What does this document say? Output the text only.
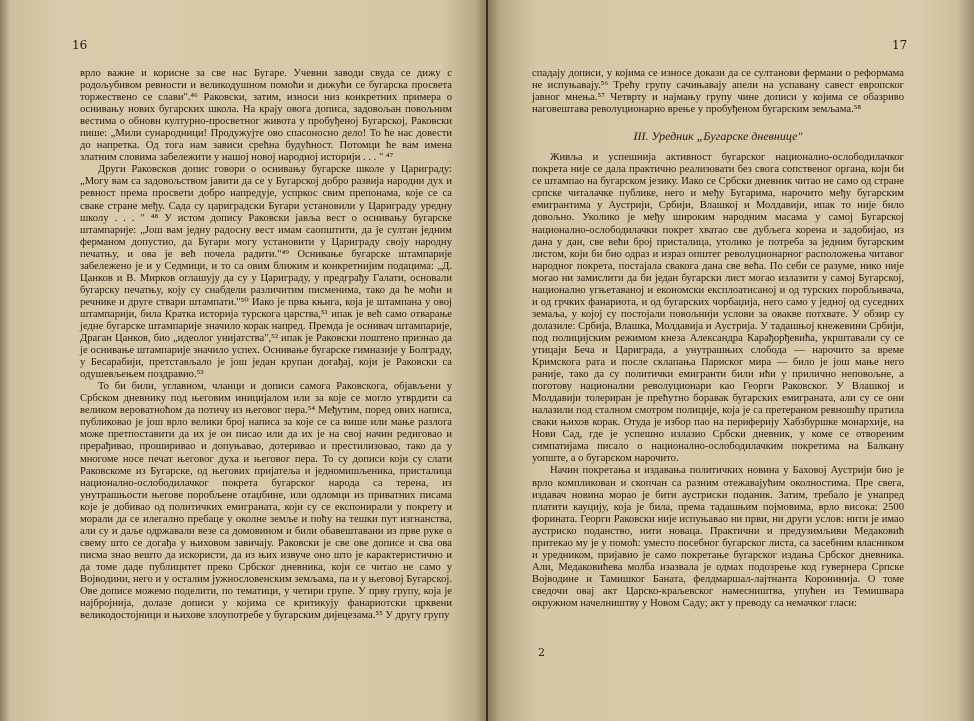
16

врло важне и корисне за све нас Бугаре. Учевни заводи свуда се дижу с родољубивом ревности и великодушном помоћи и дижући се бугарска просвета торжествено се слави".⁴⁶ Раковски, затим, износи низ конкретних примера о оснивању нових бугарских школа. На крају овога дописа, задовољан повољним вестима о обновн културно-просветног живота у пробуђеној Бугарској, Раковски пише: „Мили сународници! Продужујте ово спасоносно дело! То ће нас довести до напретка. Од тога нам зависи срећна будућност. Потомци ће вам имена златним словима забележити у нашој новој народној историји . . . " ⁴⁷

Други Раковсков допис говори о оснивању бугарске школе у Цариграду: „Могу вам са задовољством јавити да се у Бугарској добро развија народни дух и ревност према просвети добро напредује, успркос свим препонама, које се са сваке стране међу. Сада су цариградски Бугари установили у Цариграду уредну школу . . . " ⁴⁸ У истом допису Раковски јавља вест о оснивању бугарске штампарије: „Још вам једну радосну вест имам саопштити, да је султан једним ферманом допустио, да Бугари могу установити у Цариграду своју народну печатњу, и ова је већ почела радити."⁴⁹ Оснивање бугарске штампарије забележено је и у Седмици, и то са овим ближим и конкретнијим подацима: „Д. Цанков и В. Мирков оглашују да су у Цариграду, у предграђу Галати, основали бугарску печатњу, коју су снабдели различитим писменима, тако да ће моћи и речнике и друге ствари штампати."⁵⁰ Иако је прва књига, која је штампана у овој штампарији, била Кратка историја турскога царства,⁵¹ ипак је већ само отварање једне бугарске штампарије значило корак напред. Премда је оснивач штампарије, Драган Цанков, био „идеолог унијатства",⁵² ипак је Раковски поштено признао да је оснивање штампарије значило успех. Оснивање бугарске гимназије у Болграду, у Бесарабији, претстављало је још један крупан догађај, који је Раковски са одушевљењем поздравио.⁵³

То би били, углавном, чланци и дописи самога Раковскога, објављени у Србском дневнику под његовим иницијалом или за које се могло утврдити са великом вероватноћом да потичу из његовог пера.⁵⁴ Међутим, поред ових написа, публиковао је још врло велики број написа за које се са више или мање разлога може претпоставити да их је он писао или да их је на свој начин редиговао и прерађивао, проширивао и допуњавао, дотеривао и престилизовао, тако да у многоме носе печат његовог духа и његовог пера. То су дописи који су слати Раковскоме из Бугарске, од његових пријатеља и једномишљеника, присталица национално-ослободилачког покрета бугарског народа са терена, из унутрашњости његове поробљене отаџбине, или одломци из приватних писама које је добивао од политичких емиграната, који су се експонирали у покрету и морали да се илегално пребаце у околне земље и поћу на тешки пут изгнанства, али су и даље одржавали везе са домовином и били обавештавани из прве руке о свему што се догађа у њиховом завичају. Раковски је све ове дописе и сва ова писма знао вешто да искористи, да из њих извуче оно што је карактеристично и да томе даде публицитет преко Србског дневника, који се читао не само у Војводини, него и у осталим јужнословенским земљама, па и у његовој Бугарској. Ове дописе можемо поделити, по тематици, у четири групе. У прву групу, која је најбројнија, долазе дописи у којима се критикују фанариотски црквени великодостојници и њихове злоупотребе у бугарским дијецезама.⁵⁵ У другу групу

17

спадају дописи, у којима се износе докази да се султанови фермани о реформама не испуњавају.⁵⁶ Трећу групу сачињавају апели на успавану савест европског јавног мнења.⁵⁷ Четврту и најмању групу чине дописи у којима се обазриво наговештава револуционарно врење у пробуђеном бугарским земљама.⁵⁸

III. Уредник „Бугарске дневнице"

Живља и успешнија активност бугарског национално-ослободилачког покрета није се дала практично реализовати без свога сопственог органа, који би се штампао на бугарском језику. Иако се Србски дневник читао не само од стране српске читалачке публике, него и међу Бугарима, нарочито међу бугарским емигрантима у Аустрији, Србији, Влашкој и Молдавији, ипак то није било довољно. Уколико је међу широким народним масама у самој Бугарској национално-ослободилачки покрет хватао све дубљега корена и задобијао, из дана у дан, све већи број присталица, утолико је потреба за једним бугарским листом, који би био одраз и израз општег револуционарног расположења читавог народног покрета, постајала свакога дана све већа. По себи се разуме, нико није могао ни замислити да би један бугарски лист могао излазити у самој Бугарској, национално угњетаваној и економски експлоатисаној и од турских поробљивача, и од грчких фанариота, и од бугарских чорбаџија, него само у једној од суседних земаља, у којој су постојали повољнији услови за овакве потхвате. У обзир су долазиле: Србија, Влашка, Молдавија и Аустрија. У тадашњој кнежевини Србији, под полицијским режимом кнеза Александра Карађорђевића, укрштавали су се утицаји Беча и Цариграда, а унутрашњих слобода — нарочито за време Кримскога рата и после склапања Париског мира — било је још мање него раније, тако да су политички емигранти били ићи у прилично неповољне, а поготову национални револуционари као Георги Раковског. У Влашкој и Молдавији толериран је прећутно боравак бугарских емиграната, али су се они налазили под сталном смотром полиције, која је са претераном ревношћу пратила сваки њихов корак. Отуда је избор пао на периферију Хабзбуршке монархије, на Нови Сад, где је успешно излазио Србски дневник, у коме се отвореним симпатијама писало о национално-ослободилачким покретима на Балкану уопште, а о бугарском нарочито.

Начин покретања и издавања политичких новина у Баховој Аустрији био је врло компликован и скопчан са разним отежавајућим околностима. Пре свега, издавач новина морао је бити аустриски поданик. Затим, требало је унапред платити кауцију, која је била, према тадашњим појмовима, врло висока: 2500 форината. Георги Раковски није испуњавао ни први, ни други услов: нити је имао аустриско поданство, нити новаца. Практични и предузимљиви Медаковић притекао му је у помоћ: уместо посебног бугарског листа, са засебним власником и уредником, пријавио је само покретање бугарског издања Србског дневника. Али, Медаковићева молба изазвала је одмах подозрење код гувернера Српске Војводине и Тамишког Баната, фелдмаршал-лајтнанта Коронинија. О томе сведочи овај акт Царско-краљевског намесништва, упућен из Темишвара окружном начелништву у Новом Саду; акт у преводу са немачког гласи:

2
